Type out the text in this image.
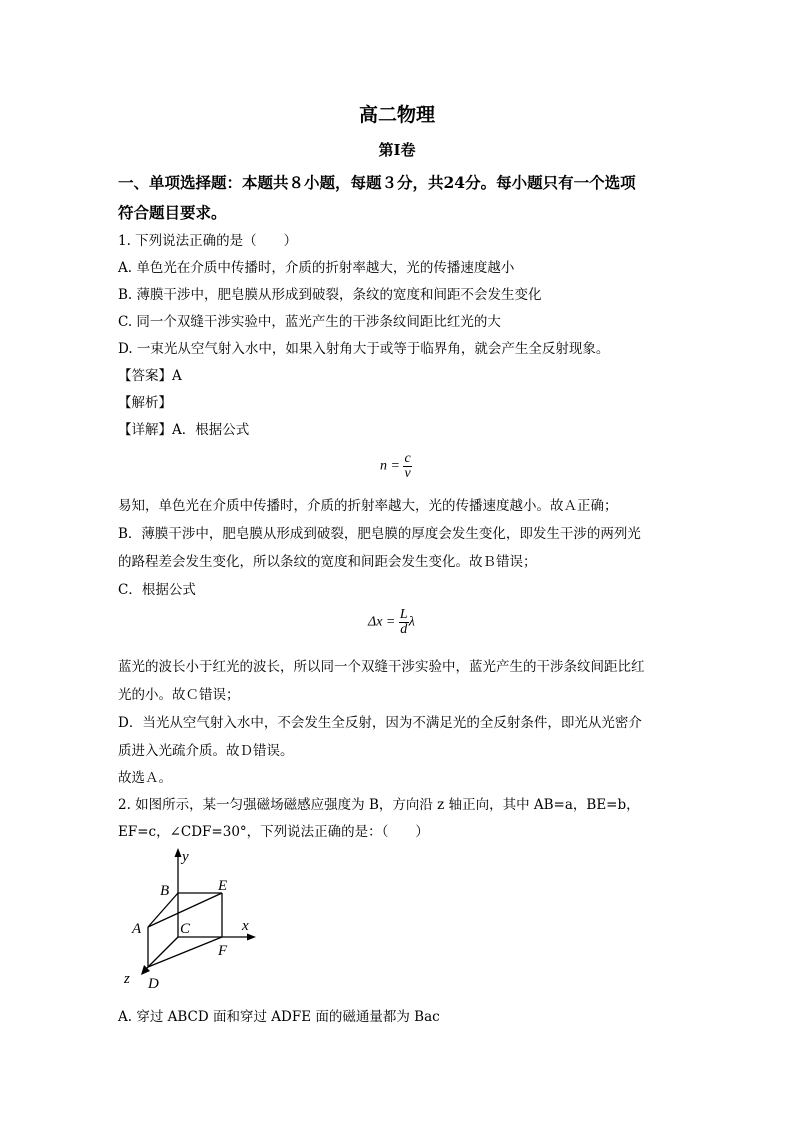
高二物理
第I卷
一、单项选择题：本题共８小题，每题３分，共24分。每小题只有一个选项
符合题目要求。
1. 下列说法正确的是（　　）
A. 单色光在介质中传播时，介质的折射率越大，光的传播速度越小
B. 薄膜干涉中，肥皂膜从形成到破裂，条纹的宽度和间距不会发生变化
C. 同一个双缝干涉实验中，蓝光产生的干涉条纹间距比红光的大
D. 一束光从空气射入水中，如果入射角大于或等于临界角，就会产生全反射现象。
【答案】A
【解析】
【详解】A．根据公式
$n = \frac{c}{v}$
易知，单色光在介质中传播时，介质的折射率越大，光的传播速度越小。故Ａ正确；
B．薄膜干涉中，肥皂膜从形成到破裂，肥皂膜的厚度会发生变化，即发生干涉的两列光
的路程差会发生变化，所以条纹的宽度和间距会发生变化。故Ｂ错误；
C．根据公式
$\Delta x = \frac{L}{d}$ λ
蓝光的波长小于红光的波长，所以同一个双缝干涉实验中，蓝光产生的干涉条纹间距比红
光的小。故Ｃ错误；
D．当光从空气射入水中，不会发生全反射，因为不满足光的全反射条件，即光从光密介
质进入光疏介质。故Ｄ错误。
故选Ａ。
2. 如图所示，某一匀强磁场磁感应强度为 B，方向沿 z 轴正向，其中 AB=a，BE=b，
EF=c，∠CDF=30°，下列说法正确的是：（　　）
y
x
z
B	E
A	C
F
D
A. 穿过 ABCD 面和穿过 ADFE 面的磁通量都为 Bac
